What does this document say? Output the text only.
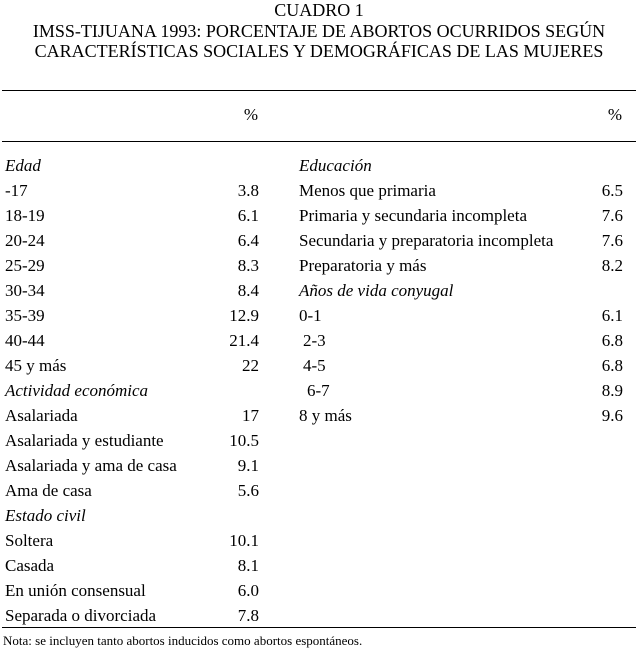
CUADRO 1
IMSS-TIJUANA 1993: PORCENTAJE DE ABORTOS OCURRIDOS SEGÚN
CARACTERÍSTICAS SOCIALES Y DEMOGRÁFICAS DE LAS MUJERES
%	%
Edad
-17	3.8
18-19	6.1
20-24	6.4
25-29	8.3
30-34	8.4
35-39	12.9
40-44	21.4
45 y más	22
Actividad económica
Asalariada	17
Asalariada y estudiante	10.5
Asalariada y ama de casa	9.1
Ama de casa	5.6
Estado civil
Soltera	10.1
Casada	8.1
En unión consensual	6.0
Separada o divorciada	7.8
Educación
Menos que primaria	6.5
Primaria y secundaria incompleta	7.6
Secundaria y preparatoria incompleta	7.6
Preparatoria y más	8.2
Años de vida conyugal
0-1	6.1
2-3	6.8
4-5	6.8
6-7	8.9
8 y más	9.6
Nota: se incluyen tanto abortos inducidos como abortos espontáneos.
